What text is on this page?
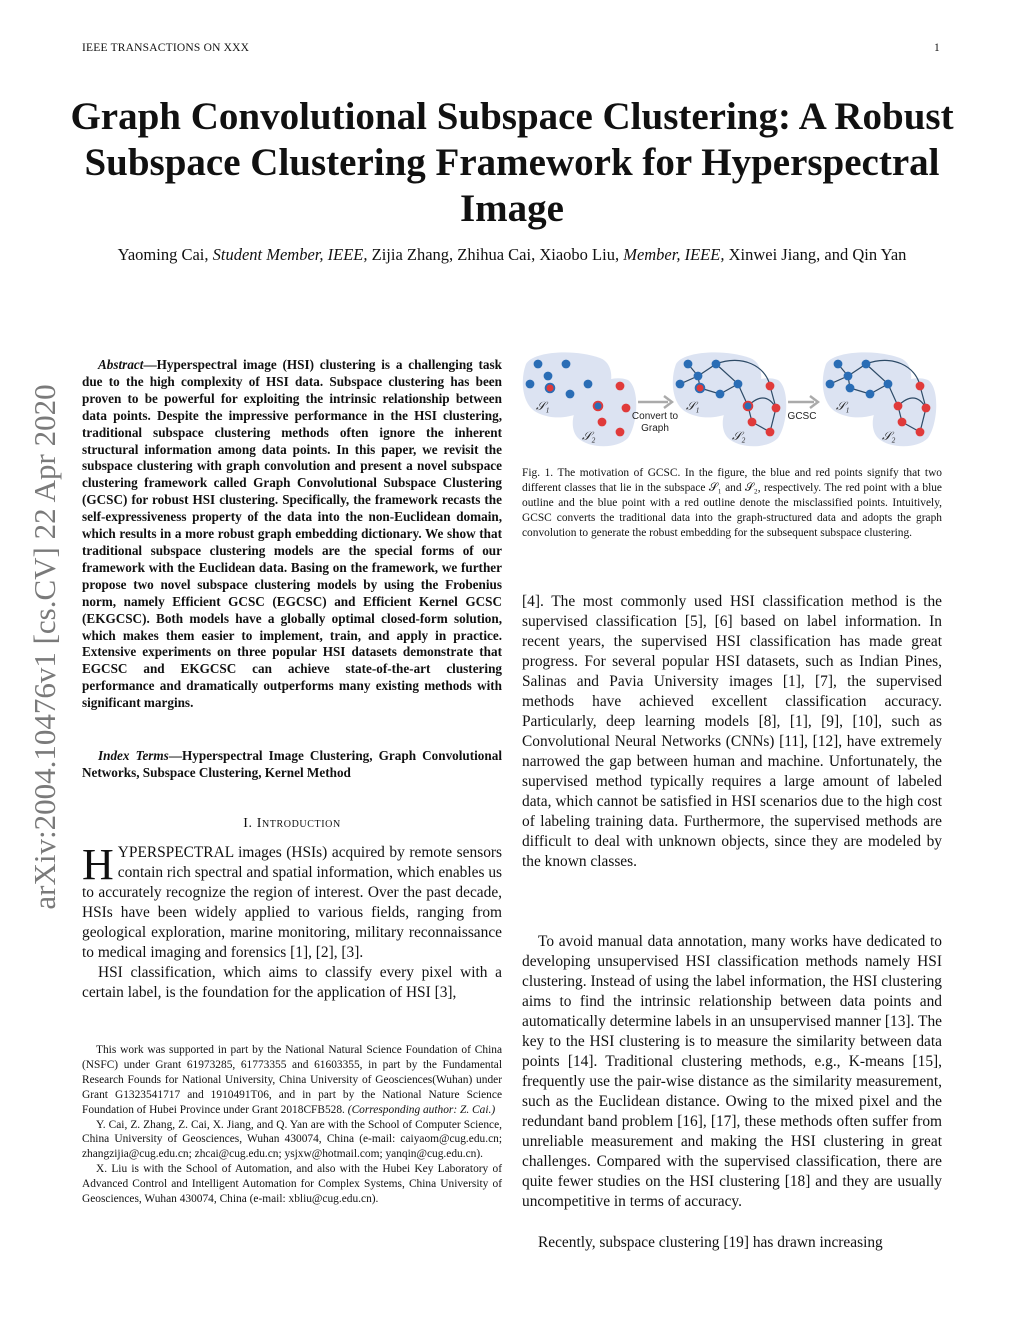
IEEE TRANSACTIONS ON XXX	1
Graph Convolutional Subspace Clustering: A Robust Subspace Clustering Framework for Hyperspectral Image
Yaoming Cai, Student Member, IEEE, Zijia Zhang, Zhihua Cai, Xiaobo Liu, Member, IEEE, Xinwei Jiang, and Qin Yan
arXiv:2004.10476v1 [cs.CV] 22 Apr 2020
Abstract—Hyperspectral image (HSI) clustering is a challenging task due to the high complexity of HSI data. Subspace clustering has been proven to be powerful for exploiting the intrinsic relationship between data points. Despite the impressive performance in the HSI clustering, traditional subspace clustering methods often ignore the inherent structural information among data points. In this paper, we revisit the subspace clustering with graph convolution and present a novel subspace clustering framework called Graph Convolutional Subspace Clustering (GCSC) for robust HSI clustering. Specifically, the framework recasts the self-expressiveness property of the data into the non-Euclidean domain, which results in a more robust graph embedding dictionary. We show that traditional subspace clustering models are the special forms of our framework with the Euclidean data. Basing on the framework, we further propose two novel subspace clustering models by using the Frobenius norm, namely Efficient GCSC (EGCSC) and Efficient Kernel GCSC (EKGCSC). Both models have a globally optimal closed-form solution, which makes them easier to implement, train, and apply in practice. Extensive experiments on three popular HSI datasets demonstrate that EGCSC and EKGCSC can achieve state-of-the-art clustering performance and dramatically outperforms many existing methods with significant margins.
Index Terms—Hyperspectral Image Clustering, Graph Convolutional Networks, Subspace Clustering, Kernel Method
I. Introduction

HYPERSPECTRAL images (HSIs) acquired by remote sensors contain rich spectral and spatial information, which enables us to accurately recognize the region of interest. Over the past decade, HSIs have been widely applied to various fields, ranging from geological exploration, marine monitoring, military reconnaissance to medical imaging and forensics [1], [2], [3].

HSI classification, which aims to classify every pixel with a certain label, is the foundation for the application of HSI [3],

This work was supported in part by the National Natural Science Foundation of China (NSFC) under Grant 61973285, 61773355 and 61603355, in part by the Fundamental Research Founds for National University, China University of Geosciences(Wuhan) under Grant G1323541717 and 1910491T06, and in part by the National Nature Science Foundation of Hubei Province under Grant 2018CFB528. (Corresponding author: Z. Cai.)

Y. Cai, Z. Zhang, Z. Cai, X. Jiang, and Q. Yan are with the School of Computer Science, China University of Geosciences, Wuhan 430074, China (e-mail: caiyaom@cug.edu.cn; zhangzijia@cug.edu.cn; zhcai@cug.edu.cn; ysjxw@hotmail.com; yanqin@cug.edu.cn).

X. Liu is with the School of Automation, and also with the Hubei Key Laboratory of Advanced Control and Intelligent Automation for Complex Systems, China University of Geosciences, Wuhan 430074, China (e-mail: xbliu@cug.edu.cn).

𝒮₁
𝒮₂
Convert to
Graph
𝒮₁
𝒮₂
GCSC
𝒮₁
𝒮₂
Fig. 1. The motivation of GCSC. In the figure, the blue and red points signify that two different classes that lie in the subspace 𝒮₁ and 𝒮₂, respectively. The red point with a blue outline and the blue point with a red outline denote the misclassified points. Intuitively, GCSC converts the traditional data into the graph-structured data and adopts the graph convolution to generate the robust embedding for the subsequent subspace clustering.
[4]. The most commonly used HSI classification method is the supervised classification [5], [6] based on label information. In recent years, the supervised HSI classification has made great progress. For several popular HSI datasets, such as Indian Pines, Salinas and Pavia University images [1], [7], the supervised methods have achieved excellent classification accuracy. Particularly, deep learning models [8], [1], [9], [10], such as Convolutional Neural Networks (CNNs) [11], [12], have extremely narrowed the gap between human and machine. Unfortunately, the supervised method typically requires a large amount of labeled data, which cannot be satisfied in HSI scenarios due to the high cost of labeling training data. Furthermore, the supervised methods are difficult to deal with unknown objects, since they are modeled by the known classes.
To avoid manual data annotation, many works have dedicated to developing unsupervised HSI classification methods namely HSI clustering. Instead of using the label information, the HSI clustering aims to find the intrinsic relationship between data points and automatically determine labels in an unsupervised manner [13]. The key to the HSI clustering is to measure the similarity between data points [14]. Traditional clustering methods, e.g., K-means [15], frequently use the pair-wise distance as the similarity measurement, such as the Euclidean distance. Owing to the mixed pixel and the redundant band problem [16], [17], these methods often suffer from unreliable measurement and making the HSI clustering in great challenges. Compared with the supervised classification, there are quite fewer studies on the HSI clustering [18] and they are usually uncompetitive in terms of accuracy.
Recently, subspace clustering [19] has drawn increasing
